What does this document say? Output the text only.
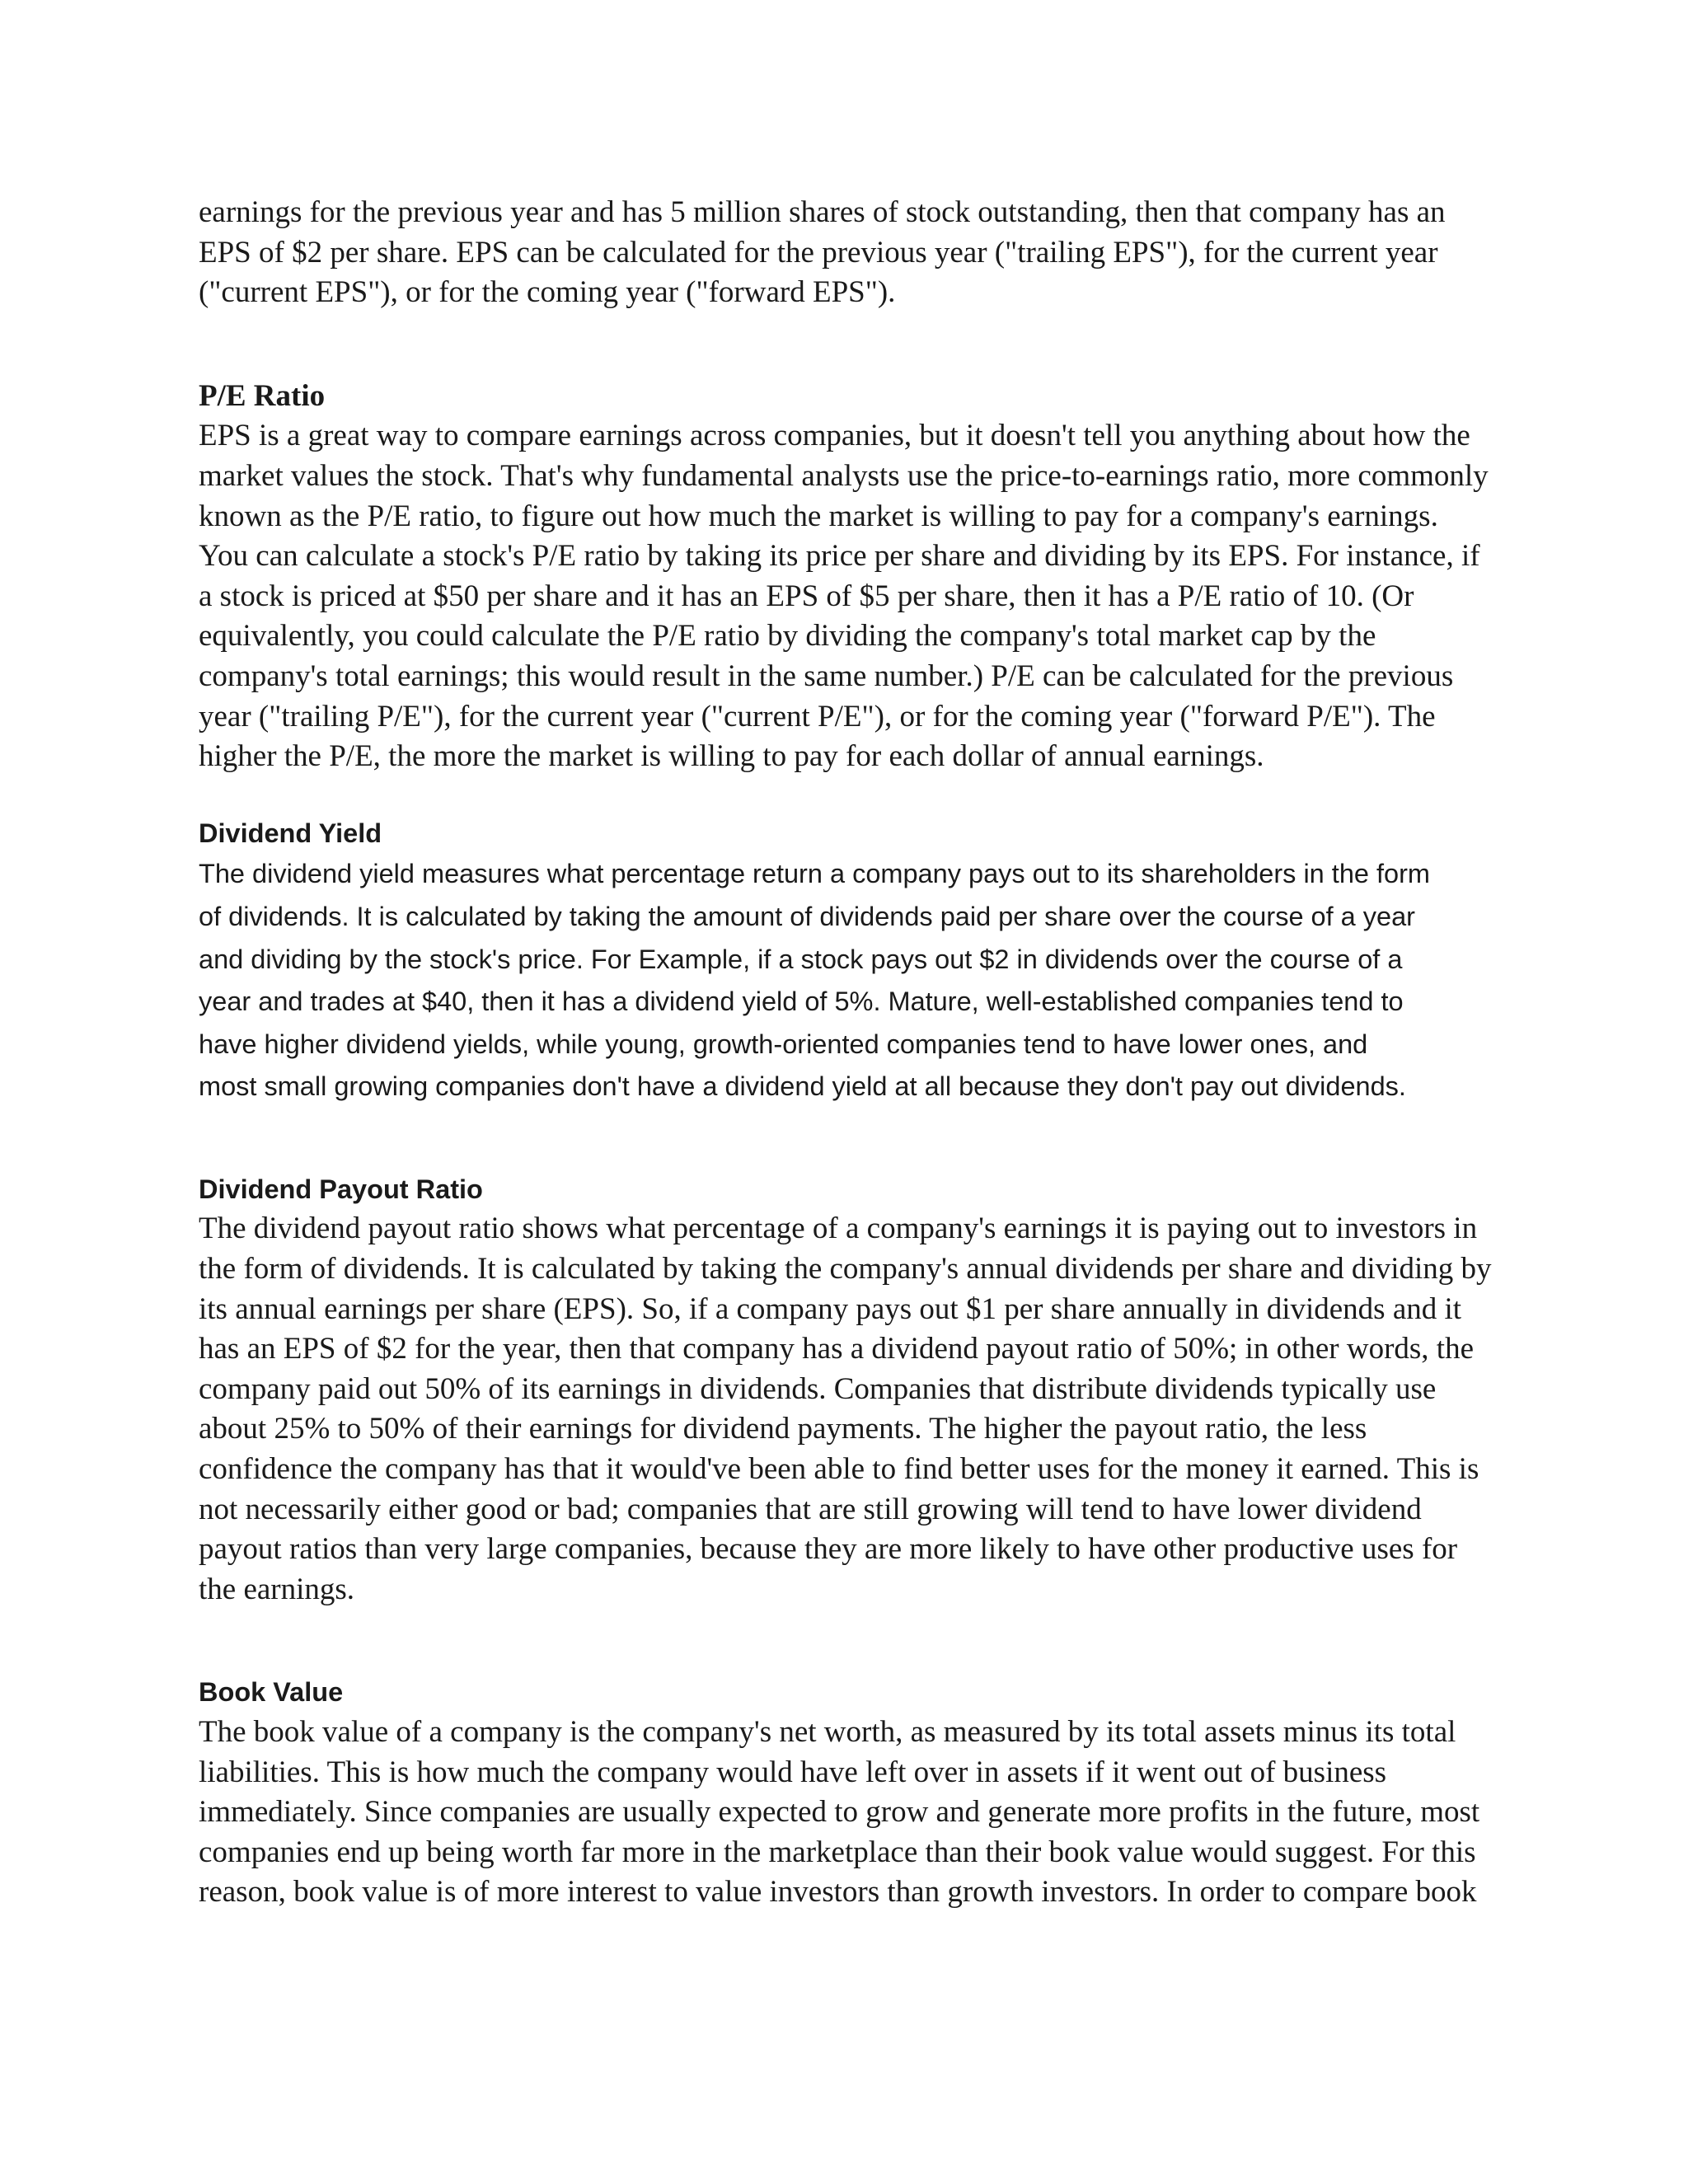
earnings for the previous year and has 5 million shares of stock outstanding, then that company has an
EPS of $2 per share. EPS can be calculated for the previous year ("trailing EPS"), for the current year
("current EPS"), or for the coming year ("forward EPS").
P/E Ratio
EPS is a great way to compare earnings across companies, but it doesn't tell you anything about how the
market values the stock. That's why fundamental analysts use the price-to-earnings ratio, more commonly
known as the P/E ratio, to figure out how much the market is willing to pay for a company's earnings.
You can calculate a stock's P/E ratio by taking its price per share and dividing by its EPS. For instance, if
a stock is priced at $50 per share and it has an EPS of $5 per share, then it has a P/E ratio of 10. (Or
equivalently, you could calculate the P/E ratio by dividing the company's total market cap by the
company's total earnings; this would result in the same number.) P/E can be calculated for the previous
year ("trailing P/E"), for the current year ("current P/E"), or for the coming year ("forward P/E"). The
higher the P/E, the more the market is willing to pay for each dollar of annual earnings.
Dividend Yield
The dividend yield measures what percentage return a company pays out to its shareholders in the form
of dividends. It is calculated by taking the amount of dividends paid per share over the course of a year
and dividing by the stock's price. For Example, if a stock pays out $2 in dividends over the course of a
year and trades at $40, then it has a dividend yield of 5%. Mature, well-established companies tend to
have higher dividend yields, while young, growth-oriented companies tend to have lower ones, and
most small growing companies don't have a dividend yield at all because they don't pay out dividends.
Dividend Payout Ratio
The dividend payout ratio shows what percentage of a company's earnings it is paying out to investors in
the form of dividends. It is calculated by taking the company's annual dividends per share and dividing by
its annual earnings per share (EPS). So, if a company pays out $1 per share annually in dividends and it
has an EPS of $2 for the year, then that company has a dividend payout ratio of 50%; in other words, the
company paid out 50% of its earnings in dividends. Companies that distribute dividends typically use
about 25% to 50% of their earnings for dividend payments. The higher the payout ratio, the less
confidence the company has that it would've been able to find better uses for the money it earned. This is
not necessarily either good or bad; companies that are still growing will tend to have lower dividend
payout ratios than very large companies, because they are more likely to have other productive uses for
the earnings.
Book Value
The book value of a company is the company's net worth, as measured by its total assets minus its total
liabilities. This is how much the company would have left over in assets if it went out of business
immediately. Since companies are usually expected to grow and generate more profits in the future, most
companies end up being worth far more in the marketplace than their book value would suggest. For this
reason, book value is of more interest to value investors than growth investors. In order to compare book
